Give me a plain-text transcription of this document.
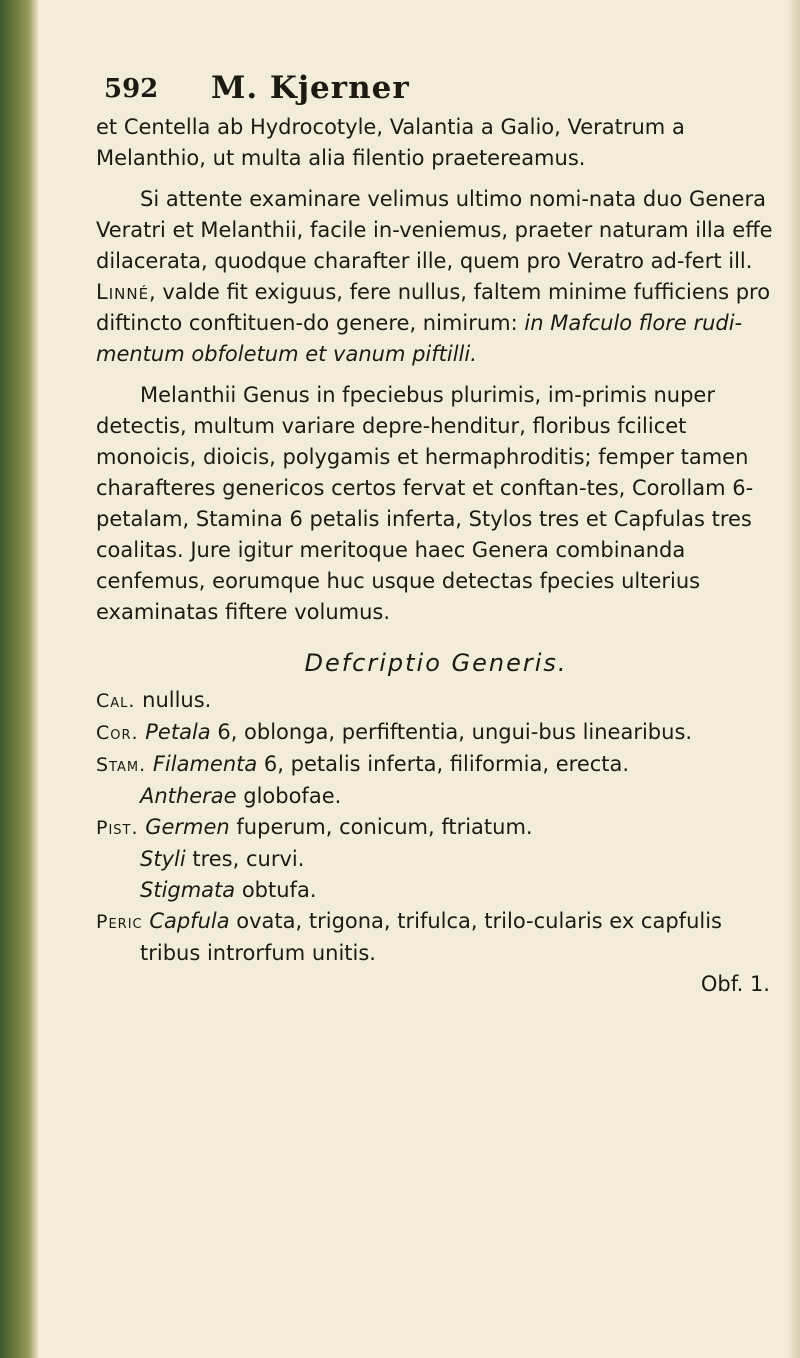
592 M. Kjerner

et Centella ab Hydrocotyle, Valantia a Galio, Veratrum a Melanthio, ut multa alia filentio praetereamus.

Si attente examinare velimus ultimo nomi-nata duo Genera Veratri et Melanthii, facile in-veniemus, praeter naturam illa effe dilacerata, quodque charafter ille, quem pro Veratro ad-fert ill. Linné, valde fit exiguus, fere nullus, faltem minime fufficiens pro diftincto conftituen-do genere, nimirum: in Mafculo flore rudi-mentum obfoletum et vanum piftilli.

Melanthii Genus in fpeciebus plurimis, im-primis nuper detectis, multum variare depre-henditur, floribus fcilicet monoicis, dioicis, polygamis et hermaphroditis; femper tamen charafteres genericos certos fervat et conftan-tes, Corollam 6-petalam, Stamina 6 petalis inferta, Stylos tres et Capfulas tres coalitas. Jure igitur meritoque haec Genera combinanda cenfemus, eorumque huc usque detectas fpecies ulterius examinatas fiftere volumus.

Defcriptio Generis.

Cal. nullus.

Cor. Petala 6, oblonga, perfiftentia, ungui-bus linearibus.

Stam. Filamenta 6, petalis inferta, filiformia, erecta.

Antherae globofae.

Pist. Germen fuperum, conicum, ftriatum.

Styli tres, curvi.

Stigmata obtufa.

Peric Capfula ovata, trigona, trifulca, trilo-cularis ex capfulis tribus introrfum unitis.

Obf. 1.
